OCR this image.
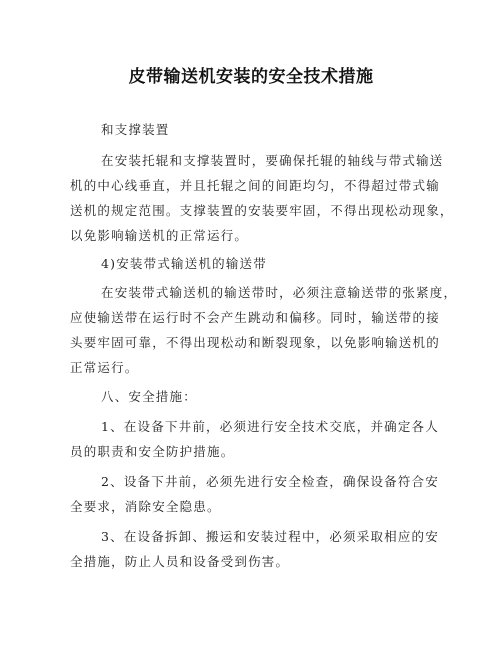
皮带输送机安装的安全技术措施
和支撑装置
在安装托辊和支撑装置时，要确保托辊的轴线与带式输送
机的中心线垂直，并且托辊之间的间距均匀，不得超过带式输
送机的规定范围。支撑装置的安装要牢固，不得出现松动现象，
以免影响输送机的正常运行。
4)安装带式输送机的输送带
在安装带式输送机的输送带时，必须注意输送带的张紧度，
应使输送带在运行时不会产生跳动和偏移。同时，输送带的接
头要牢固可靠，不得出现松动和断裂现象，以免影响输送机的
正常运行。
八、安全措施：
1、在设备下井前，必须进行安全技术交底，并确定各人
员的职责和安全防护措施。
2、设备下井前，必须先进行安全检查，确保设备符合安
全要求，消除安全隐患。
3、在设备拆卸、搬运和安装过程中，必须采取相应的安
全措施，防止人员和设备受到伤害。
